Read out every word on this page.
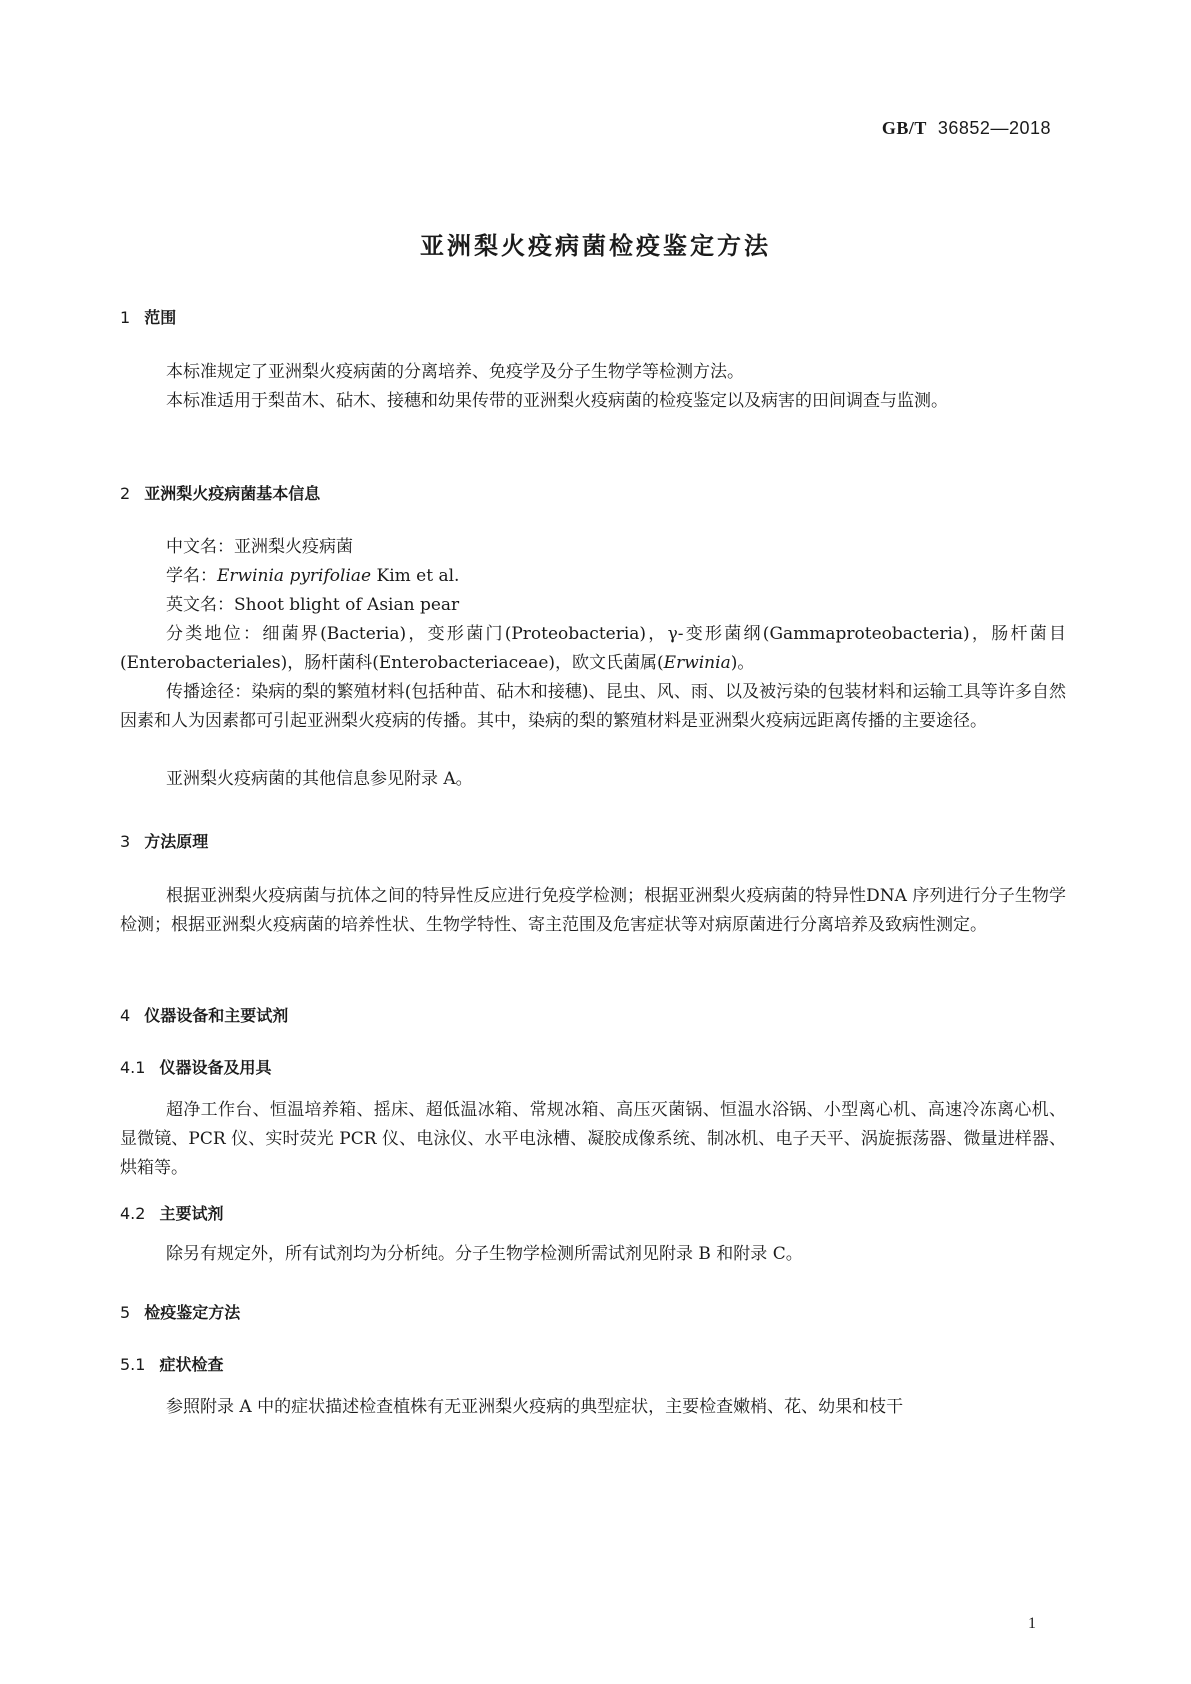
GB/T 36852—2018
亚洲梨火疫病菌检疫鉴定方法
1 范围
本标准规定了亚洲梨火疫病菌的分离培养、免疫学及分子生物学等检测方法。
本标准适用于梨苗木、砧木、接穗和幼果传带的亚洲梨火疫病菌的检疫鉴定以及病害的田间调查与监测。
2 亚洲梨火疫病菌基本信息
中文名：亚洲梨火疫病菌
学名：Erwinia pyrifoliae Kim et al.
英文名：Shoot blight of Asian pear
分类地位：细菌界(Bacteria)，变形菌门(Proteobacteria)，γ-变形菌纲(Gammaproteobacteria)，肠杆菌目(Enterobacteriales)，肠杆菌科(Enterobacteriaceae)，欧文氏菌属(Erwinia)。
传播途径：染病的梨的繁殖材料(包括种苗、砧木和接穗)、昆虫、风、雨、以及被污染的包装材料和运输工具等许多自然因素和人为因素都可引起亚洲梨火疫病的传播。其中，染病的梨的繁殖材料是亚洲梨火疫病远距离传播的主要途径。
亚洲梨火疫病菌的其他信息参见附录 A。
3 方法原理
根据亚洲梨火疫病菌与抗体之间的特异性反应进行免疫学检测；根据亚洲梨火疫病菌的特异性DNA 序列进行分子生物学检测；根据亚洲梨火疫病菌的培养性状、生物学特性、寄主范围及危害症状等对病原菌进行分离培养及致病性测定。
4 仪器设备和主要试剂
4.1 仪器设备及用具
超净工作台、恒温培养箱、摇床、超低温冰箱、常规冰箱、高压灭菌锅、恒温水浴锅、小型离心机、高速冷冻离心机、显微镜、PCR 仪、实时荧光 PCR 仪、电泳仪、水平电泳槽、凝胶成像系统、制冰机、电子天平、涡旋振荡器、微量进样器、烘箱等。
4.2 主要试剂
除另有规定外，所有试剂均为分析纯。分子生物学检测所需试剂见附录 B 和附录 C。
5 检疫鉴定方法
5.1 症状检查
参照附录 A 中的症状描述检查植株有无亚洲梨火疫病的典型症状，主要检查嫩梢、花、幼果和枝干
1
